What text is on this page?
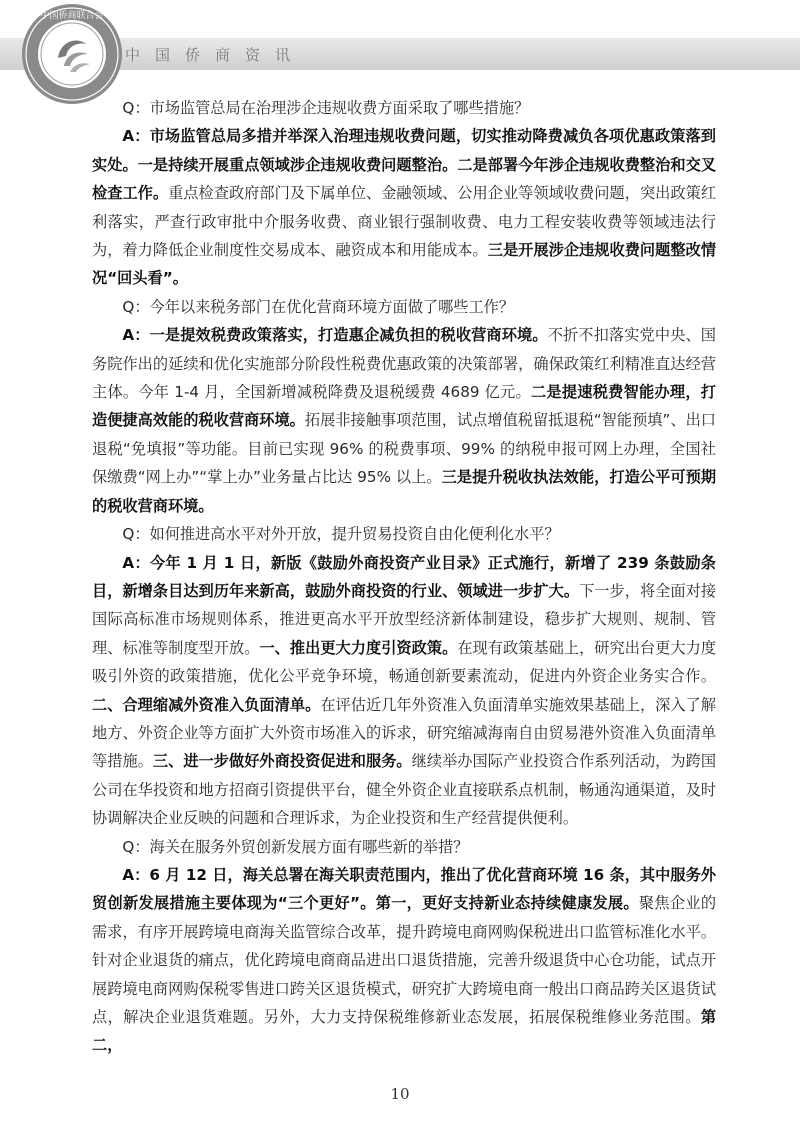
中国侨商联合会
中国侨商资讯

Q：市场监管总局在治理涉企违规收费方面采取了哪些措施？

A：市场监管总局多措并举深入治理违规收费问题，切实推动降费减负各项优惠政策落到实处。一是持续开展重点领域涉企违规收费问题整治。二是部署今年涉企违规收费整治和交叉检查工作。重点检查政府部门及下属单位、金融领域、公用企业等领域收费问题，突出政策红利落实，严查行政审批中介服务收费、商业银行强制收费、电力工程安装收费等领域违法行为，着力降低企业制度性交易成本、融资成本和用能成本。三是开展涉企违规收费问题整改情况“回头看”。

Q：今年以来税务部门在优化营商环境方面做了哪些工作？

A：一是提效税费政策落实，打造惠企减负担的税收营商环境。不折不扣落实党中央、国务院作出的延续和优化实施部分阶段性税费优惠政策的决策部署，确保政策红利精准直达经营主体。今年 1-4 月，全国新增减税降费及退税缓费 4689 亿元。二是提速税费智能办理，打造便捷高效能的税收营商环境。拓展非接触事项范围，试点增值税留抵退税“智能预填”、出口退税“免填报”等功能。目前已实现 96% 的税费事项、99% 的纳税申报可网上办理，全国社保缴费“网上办”“掌上办”业务量占比达 95% 以上。三是提升税收执法效能，打造公平可预期的税收营商环境。

Q：如何推进高水平对外开放，提升贸易投资自由化便利化水平？

A：今年 1 月 1 日，新版《鼓励外商投资产业目录》正式施行，新增了 239 条鼓励条目，新增条目达到历年来新高，鼓励外商投资的行业、领域进一步扩大。下一步，将全面对接国际高标准市场规则体系，推进更高水平开放型经济新体制建设，稳步扩大规则、规制、管理、标准等制度型开放。一、推出更大力度引资政策。在现有政策基础上，研究出台更大力度吸引外资的政策措施，优化公平竞争环境，畅通创新要素流动，促进内外资企业务实合作。二、合理缩减外资准入负面清单。在评估近几年外资准入负面清单实施效果基础上，深入了解地方、外资企业等方面扩大外资市场准入的诉求，研究缩减海南自由贸易港外资准入负面清单等措施。三、进一步做好外商投资促进和服务。继续举办国际产业投资合作系列活动，为跨国公司在华投资和地方招商引资提供平台，健全外资企业直接联系点机制，畅通沟通渠道，及时协调解决企业反映的问题和合理诉求，为企业投资和生产经营提供便利。

Q：海关在服务外贸创新发展方面有哪些新的举措？

A：6 月 12 日，海关总署在海关职责范围内，推出了优化营商环境 16 条，其中服务外贸创新发展措施主要体现为“三个更好”。第一，更好支持新业态持续健康发展。聚焦企业的需求，有序开展跨境电商海关监管综合改革，提升跨境电商网购保税进出口监管标准化水平。针对企业退货的痛点，优化跨境电商商品进出口退货措施，完善升级退货中心仓功能，试点开展跨境电商网购保税零售进口跨关区退货模式，研究扩大跨境电商一般出口商品跨关区退货试点，解决企业退货难题。另外，大力支持保税维修新业态发展，拓展保税维修业务范围。第二，

10
